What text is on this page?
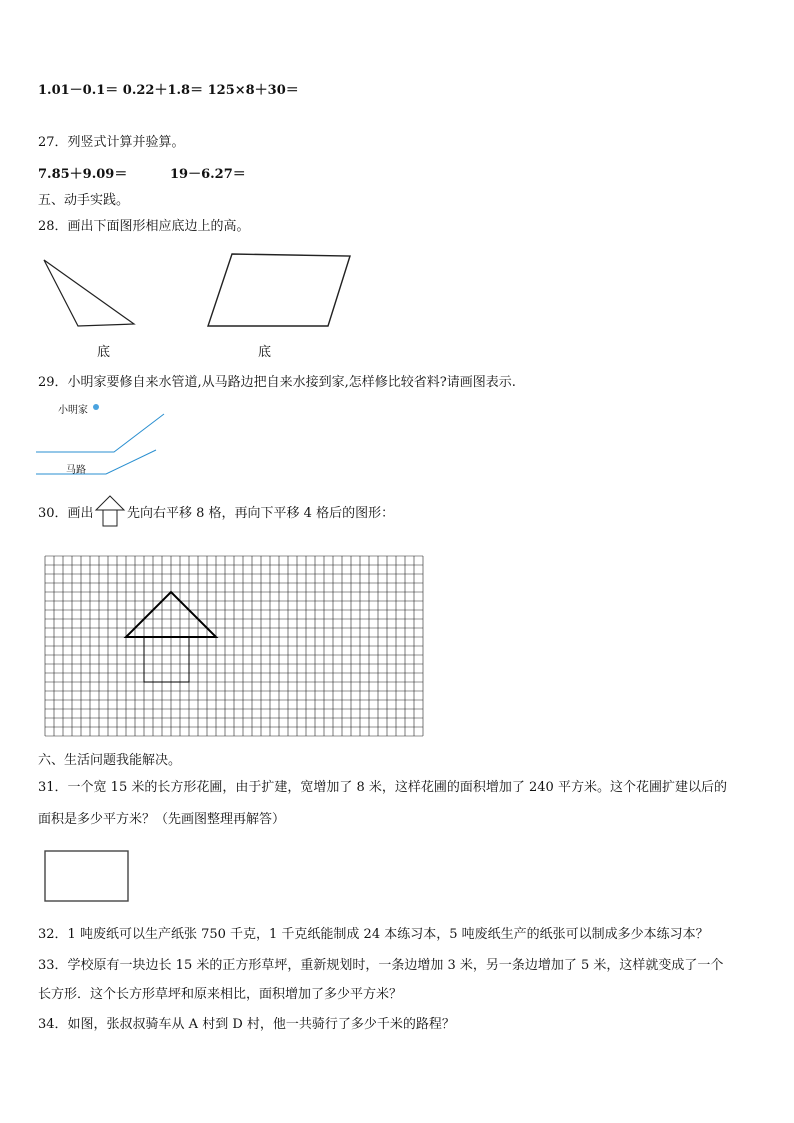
1.01－0.1＝ 0.22＋1.8＝ 125×8＋30＝
27．列竖式计算并验算。
7.85＋9.09＝	19－6.27＝
五、动手实践。
28．画出下面图形相应底边上的高。
底	底
29．小明家要修自来水管道,从马路边把自来水接到家,怎样修比较省料?请画图表示.
小明家
马路
30．画出	先向右平移 8 格，再向下平移 4 格后的图形：
六、生活问题我能解决。
31．一个宽 15 米的长方形花圃，由于扩建，宽增加了 8 米，这样花圃的面积增加了 240 平方米。这个花圃扩建以后的
面积是多少平方米？（先画图整理再解答）
32．1 吨废纸可以生产纸张 750 千克，1 千克纸能制成 24 本练习本，5 吨废纸生产的纸张可以制成多少本练习本？
33．学校原有一块边长 15 米的正方形草坪，重新规划时，一条边增加 3 米，另一条边增加了 5 米，这样就变成了一个
长方形．这个长方形草坪和原来相比，面积增加了多少平方米？
34．如图，张叔叔骑车从 A 村到 D 村，他一共骑行了多少千米的路程？
